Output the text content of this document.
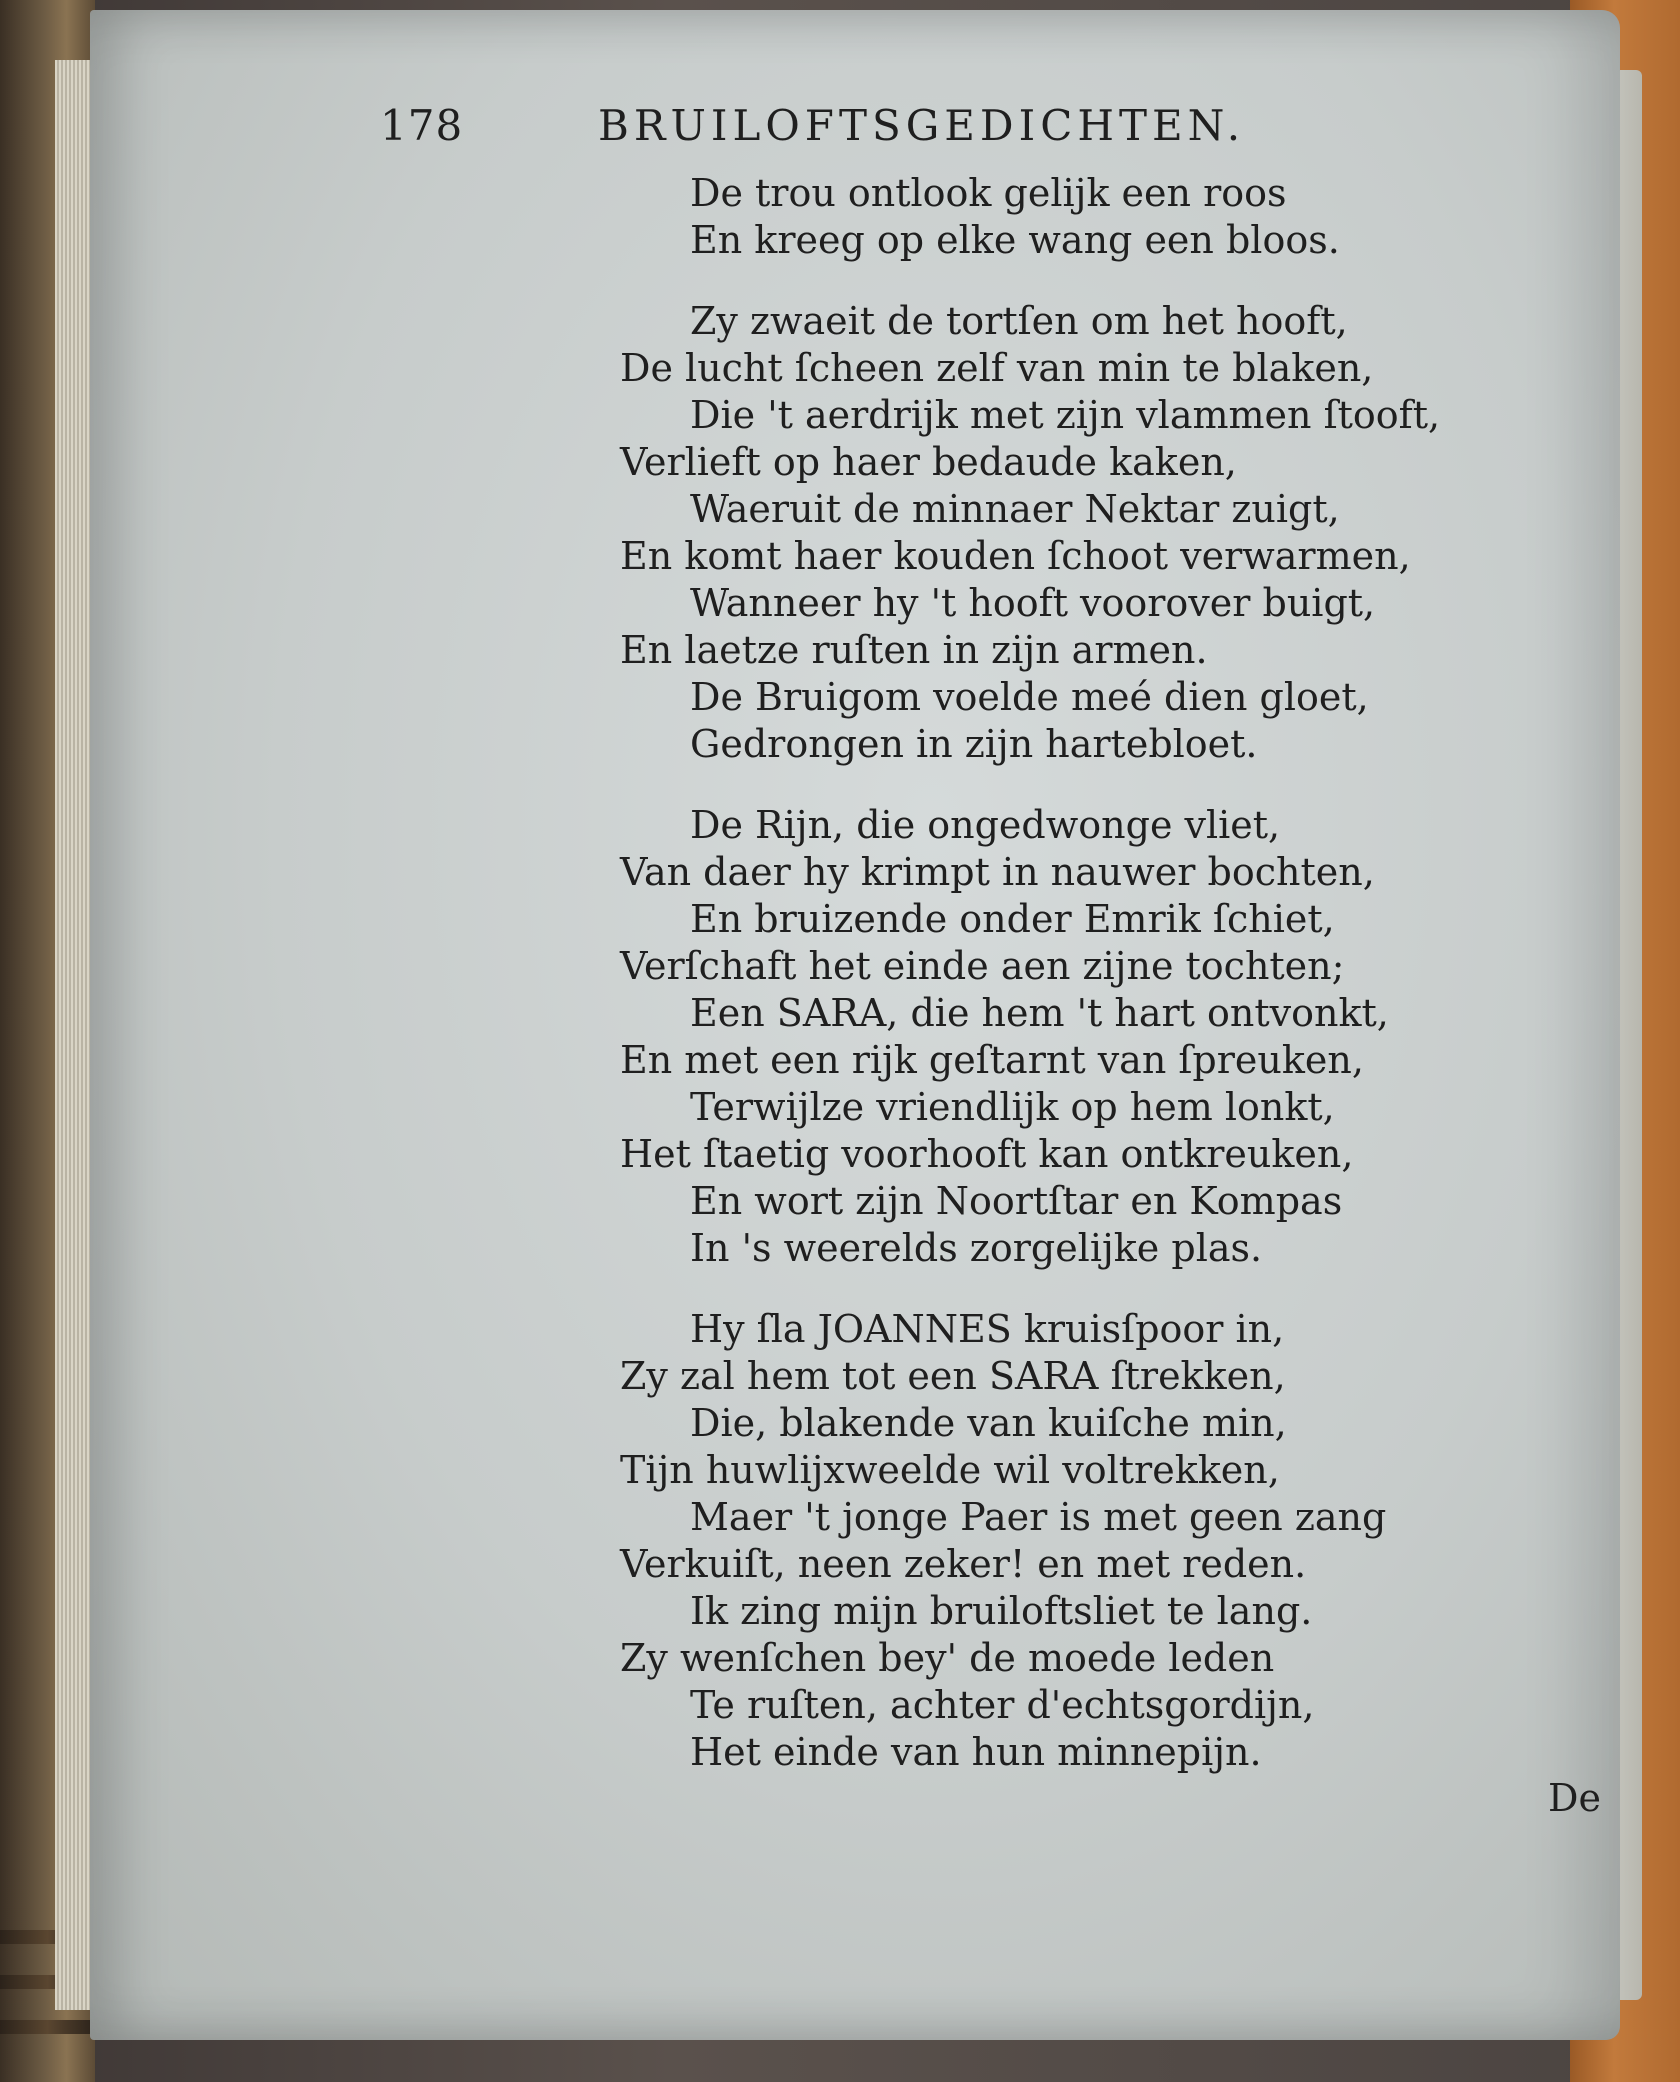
178	BRUILOFTSGEDICHTEN.
De trou ontlook gelijk een roos
En kreeg op elke wang een bloos.
Zy zwaeit de tortſen om het hooft,
De lucht ſcheen zelf van min te blaken,
Die 't aerdrijk met zijn vlammen ſtooft,
Verlieft op haer bedaude kaken,
Waeruit de minnaer Nektar zuigt,
En komt haer kouden ſchoot verwarmen,
Wanneer hy 't hooft voorover buigt,
En laetze ruſten in zijn armen.
De Bruigom voelde meé dien gloet,
Gedrongen in zijn hartebloet.
De Rijn, die ongedwonge vliet,
Van daer hy krimpt in nauwer bochten,
En bruizende onder Emrik ſchiet,
Verſchaft het einde aen zijne tochten;
Een SARA, die hem 't hart ontvonkt,
En met een rijk geſtarnt van ſpreuken,
Terwijlze vriendlijk op hem lonkt,
Het ſtaetig voorhooft kan ontkreuken,
En wort zijn Noortſtar en Kompas
In 's weerelds zorgelijke plas.
Hy ſla JOANNES kruisſpoor in,
Zy zal hem tot een SARA ſtrekken,
Die, blakende van kuiſche min,
Tijn huwlijxweelde wil voltrekken,
Maer 't jonge Paer is met geen zang
Verkuiſt, neen zeker! en met reden.
Ik zing mijn bruiloftsliet te lang.
Zy wenſchen bey' de moede leden
Te ruſten, achter d'echtsgordijn,
Het einde van hun minnepijn.
De
